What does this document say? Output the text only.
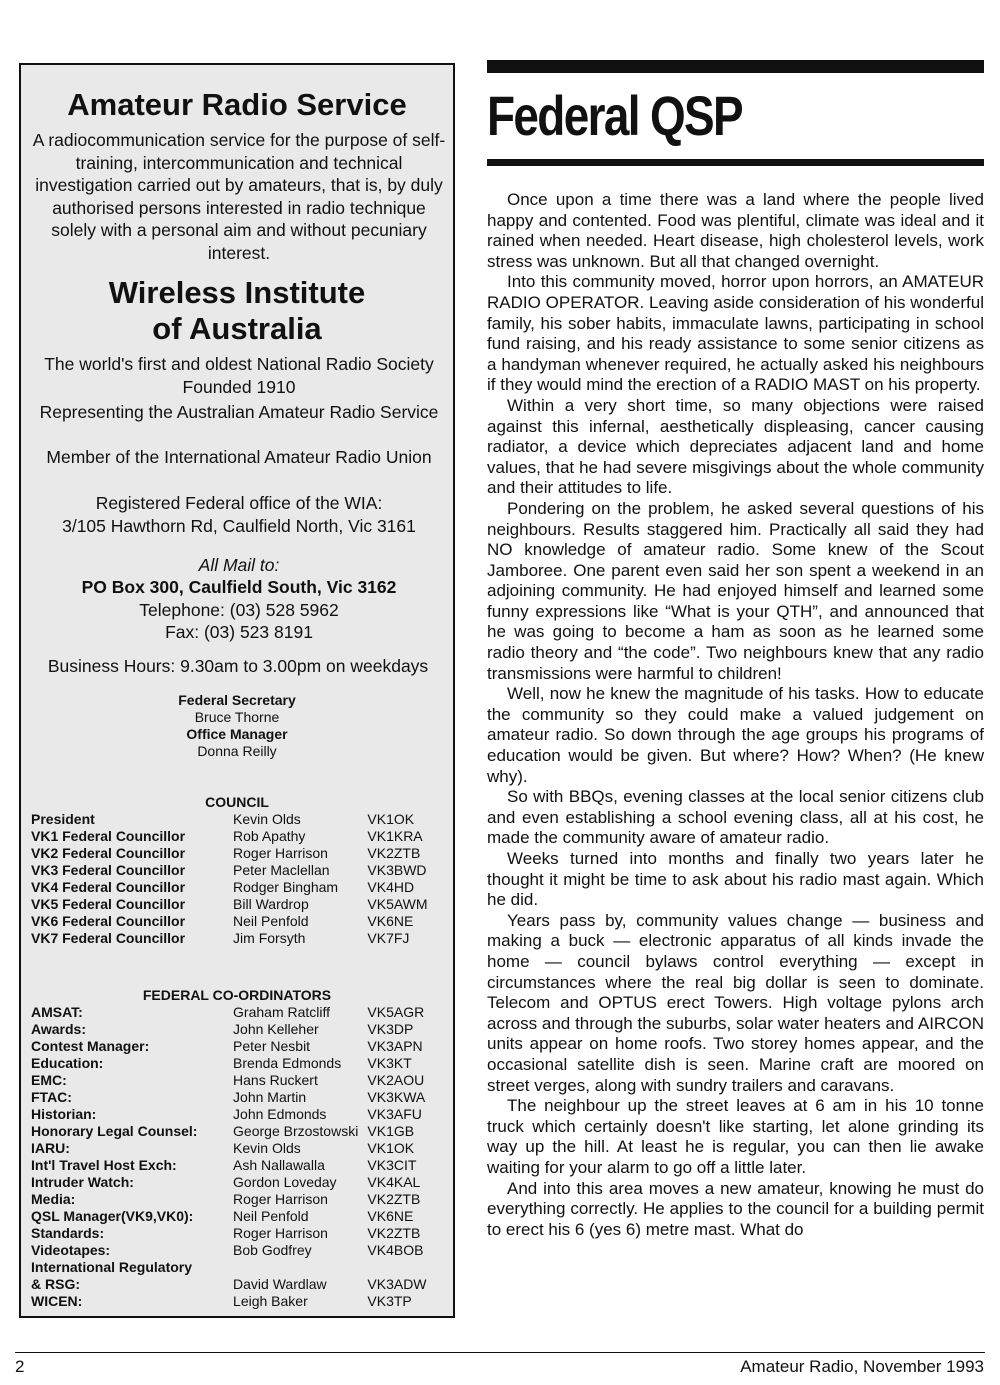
Amateur Radio Service
A radiocommunication service for the purpose of self-training, intercommunication and technical investigation carried out by amateurs, that is, by duly authorised persons interested in radio technique solely with a personal aim and without pecuniary interest.
Wireless Institute
of Australia
The world's first and oldest National Radio Society Founded 1910
Representing the Australian Amateur Radio Service
Member of the International Amateur Radio Union
Registered Federal office of the WIA:
3/105 Hawthorn Rd, Caulfield North, Vic 3161
All Mail to:
PO Box 300, Caulfield South, Vic 3162
Telephone: (03) 528 5962
Fax: (03) 523 8191
Business Hours: 9.30am to 3.00pm on weekdays
Federal Secretary
Bruce Thorne
Office Manager
Donna Reilly
COUNCIL
President	Kevin Olds	VK1OK
VK1 Federal Councillor	Rob Apathy	VK1KRA
VK2 Federal Councillor	Roger Harrison	VK2ZTB
VK3 Federal Councillor	Peter Maclellan	VK3BWD
VK4 Federal Councillor	Rodger Bingham	VK4HD
VK5 Federal Councillor	Bill Wardrop	VK5AWM
VK6 Federal Councillor	Neil Penfold	VK6NE
VK7 Federal Councillor	Jim Forsyth	VK7FJ
FEDERAL CO-ORDINATORS
AMSAT:	Graham Ratcliff	VK5AGR
Awards:	John Kelleher	VK3DP
Contest Manager:	Peter Nesbit	VK3APN
Education:	Brenda Edmonds	VK3KT
EMC:	Hans Ruckert	VK2AOU
FTAC:	John Martin	VK3KWA
Historian:	John Edmonds	VK3AFU
Honorary Legal Counsel:	George Brzostowski VK1GB
IARU:	Kevin Olds	VK1OK
Int'l Travel Host Exch:	Ash Nallawalla	VK3CIT
Intruder Watch:	Gordon Loveday	VK4KAL
Media:	Roger Harrison	VK2ZTB
QSL Manager(VK9,VK0):	Neil Penfold	VK6NE
Standards:	Roger Harrison	VK2ZTB
Videotapes:	Bob Godfrey	VK4BOB
International Regulatory
& RSG:	David Wardlaw	VK3ADW
WICEN:	Leigh Baker	VK3TP
Federal QSP

Once upon a time there was a land where the people lived happy and contented. Food was plentiful, climate was ideal and it rained when needed. Heart disease, high cholesterol levels, work stress was unknown. But all that changed overnight.

Into this community moved, horror upon horrors, an AMATEUR RADIO OPERATOR. Leaving aside consideration of his wonderful family, his sober habits, immaculate lawns, participating in school fund raising, and his ready assistance to some senior citizens as a handyman whenever required, he actually asked his neighbours if they would mind the erection of a RADIO MAST on his property.

Within a very short time, so many objections were raised against this infernal, aesthetically displeasing, cancer causing radiator, a device which depreciates adjacent land and home values, that he had severe misgivings about the whole community and their attitudes to life.

Pondering on the problem, he asked several questions of his neighbours. Results staggered him. Practically all said they had NO knowledge of amateur radio. Some knew of the Scout Jamboree. One parent even said her son spent a weekend in an adjoining community. He had enjoyed himself and learned some funny expressions like “What is your QTH”, and announced that he was going to become a ham as soon as he learned some radio theory and “the code”. Two neighbours knew that any radio transmissions were harmful to children!

Well, now he knew the magnitude of his tasks. How to educate the community so they could make a valued judgement on amateur radio. So down through the age groups his programs of education would be given. But where? How? When? (He knew why).

So with BBQs, evening classes at the local senior citizens club and even establishing a school evening class, all at his cost, he made the community aware of amateur radio.

Weeks turned into months and finally two years later he thought it might be time to ask about his radio mast again. Which he did.

Years pass by, community values change — business and making a buck — electronic apparatus of all kinds invade the home — council bylaws control everything — except in circumstances where the real big dollar is seen to dominate. Telecom and OPTUS erect Towers. High voltage pylons arch across and through the suburbs, solar water heaters and AIRCON units appear on home roofs. Two storey homes appear, and the occasional satellite dish is seen. Marine craft are moored on street verges, along with sundry trailers and caravans.

The neighbour up the street leaves at 6 am in his 10 tonne truck which certainly doesn't like starting, let alone grinding its way up the hill. At least he is regular, you can then lie awake waiting for your alarm to go off a little later.

And into this area moves a new amateur, knowing he must do everything correctly. He applies to the council for a building permit to erect his 6 (yes 6) metre mast. What do

2	Amateur Radio, November 1993
